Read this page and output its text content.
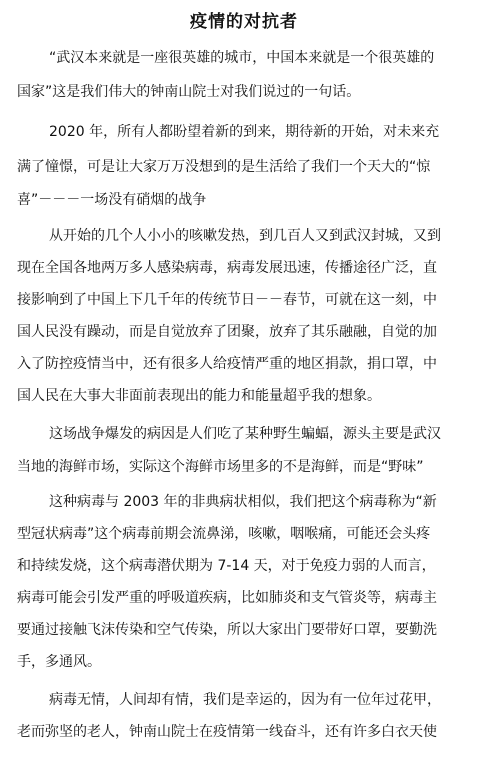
疫情的对抗者
“武汉本来就是一座很英雄的城市，中国本来就是一个很英雄的
国家”这是我们伟大的钟南山院士对我们说过的一句话。
2020 年，所有人都盼望着新的到来，期待新的开始，对未来充
满了憧憬，可是让大家万万没想到的是生活给了我们一个天大的“惊
喜”－－－一场没有硝烟的战争
从开始的几个人小小的咳嗽发热，到几百人又到武汉封城，又到
现在全国各地两万多人感染病毒，病毒发展迅速，传播途径广泛，直
接影响到了中国上下几千年的传统节日－－春节，可就在这一刻，中
国人民没有躁动，而是自觉放弃了团聚，放弃了其乐融融，自觉的加
入了防控疫情当中，还有很多人给疫情严重的地区捐款，捐口罩，中
国人民在大事大非面前表现出的能力和能量超乎我的想象。
这场战争爆发的病因是人们吃了某种野生蝙蝠，源头主要是武汉
当地的海鲜市场，实际这个海鲜市场里多的不是海鲜，而是“野味”
这种病毒与 2003 年的非典病状相似，我们把这个病毒称为“新
型冠状病毒”这个病毒前期会流鼻涕，咳嗽，咽喉痛，可能还会头疼
和持续发烧，这个病毒潜伏期为 7-14 天，对于免疫力弱的人而言，
病毒可能会引发严重的呼吸道疾病，比如肺炎和支气管炎等，病毒主
要通过接触飞沫传染和空气传染，所以大家出门要带好口罩，要勤洗
手，多通风。
病毒无情，人间却有情，我们是幸运的，因为有一位年过花甲，
老而弥坚的老人，钟南山院士在疫情第一线奋斗，还有许多白衣天使
